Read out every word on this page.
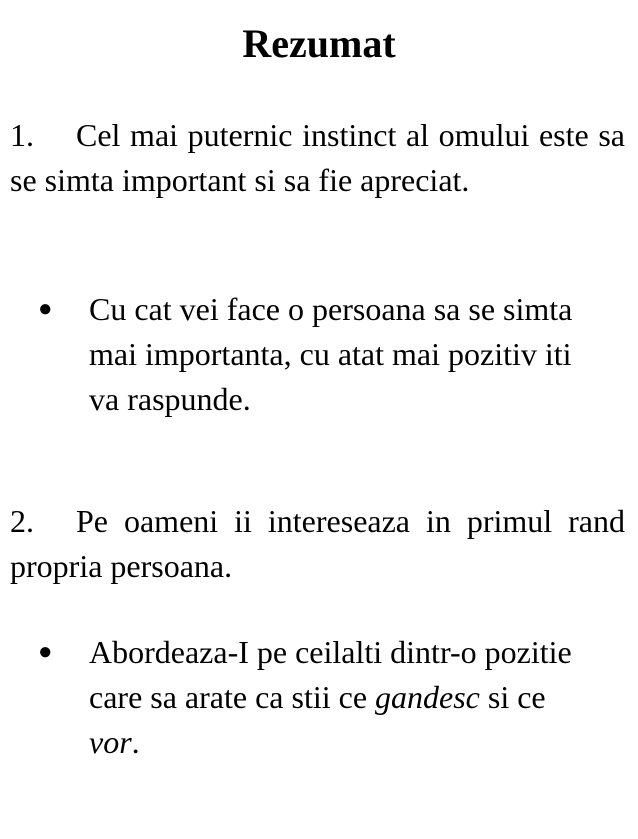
Rezumat

1. Cel mai puternic instinct al omului este sa se simta important si sa fie apreciat.

● Cu cat vei face o persoana sa se simta mai importanta, cu atat mai pozitiv iti va raspunde.

2. Pe oameni ii intereseaza in primul rand propria persoana.

● Abordeaza-I pe ceilalti dintr-o pozitie care sa arate ca stii ce gandesc si ce vor.
